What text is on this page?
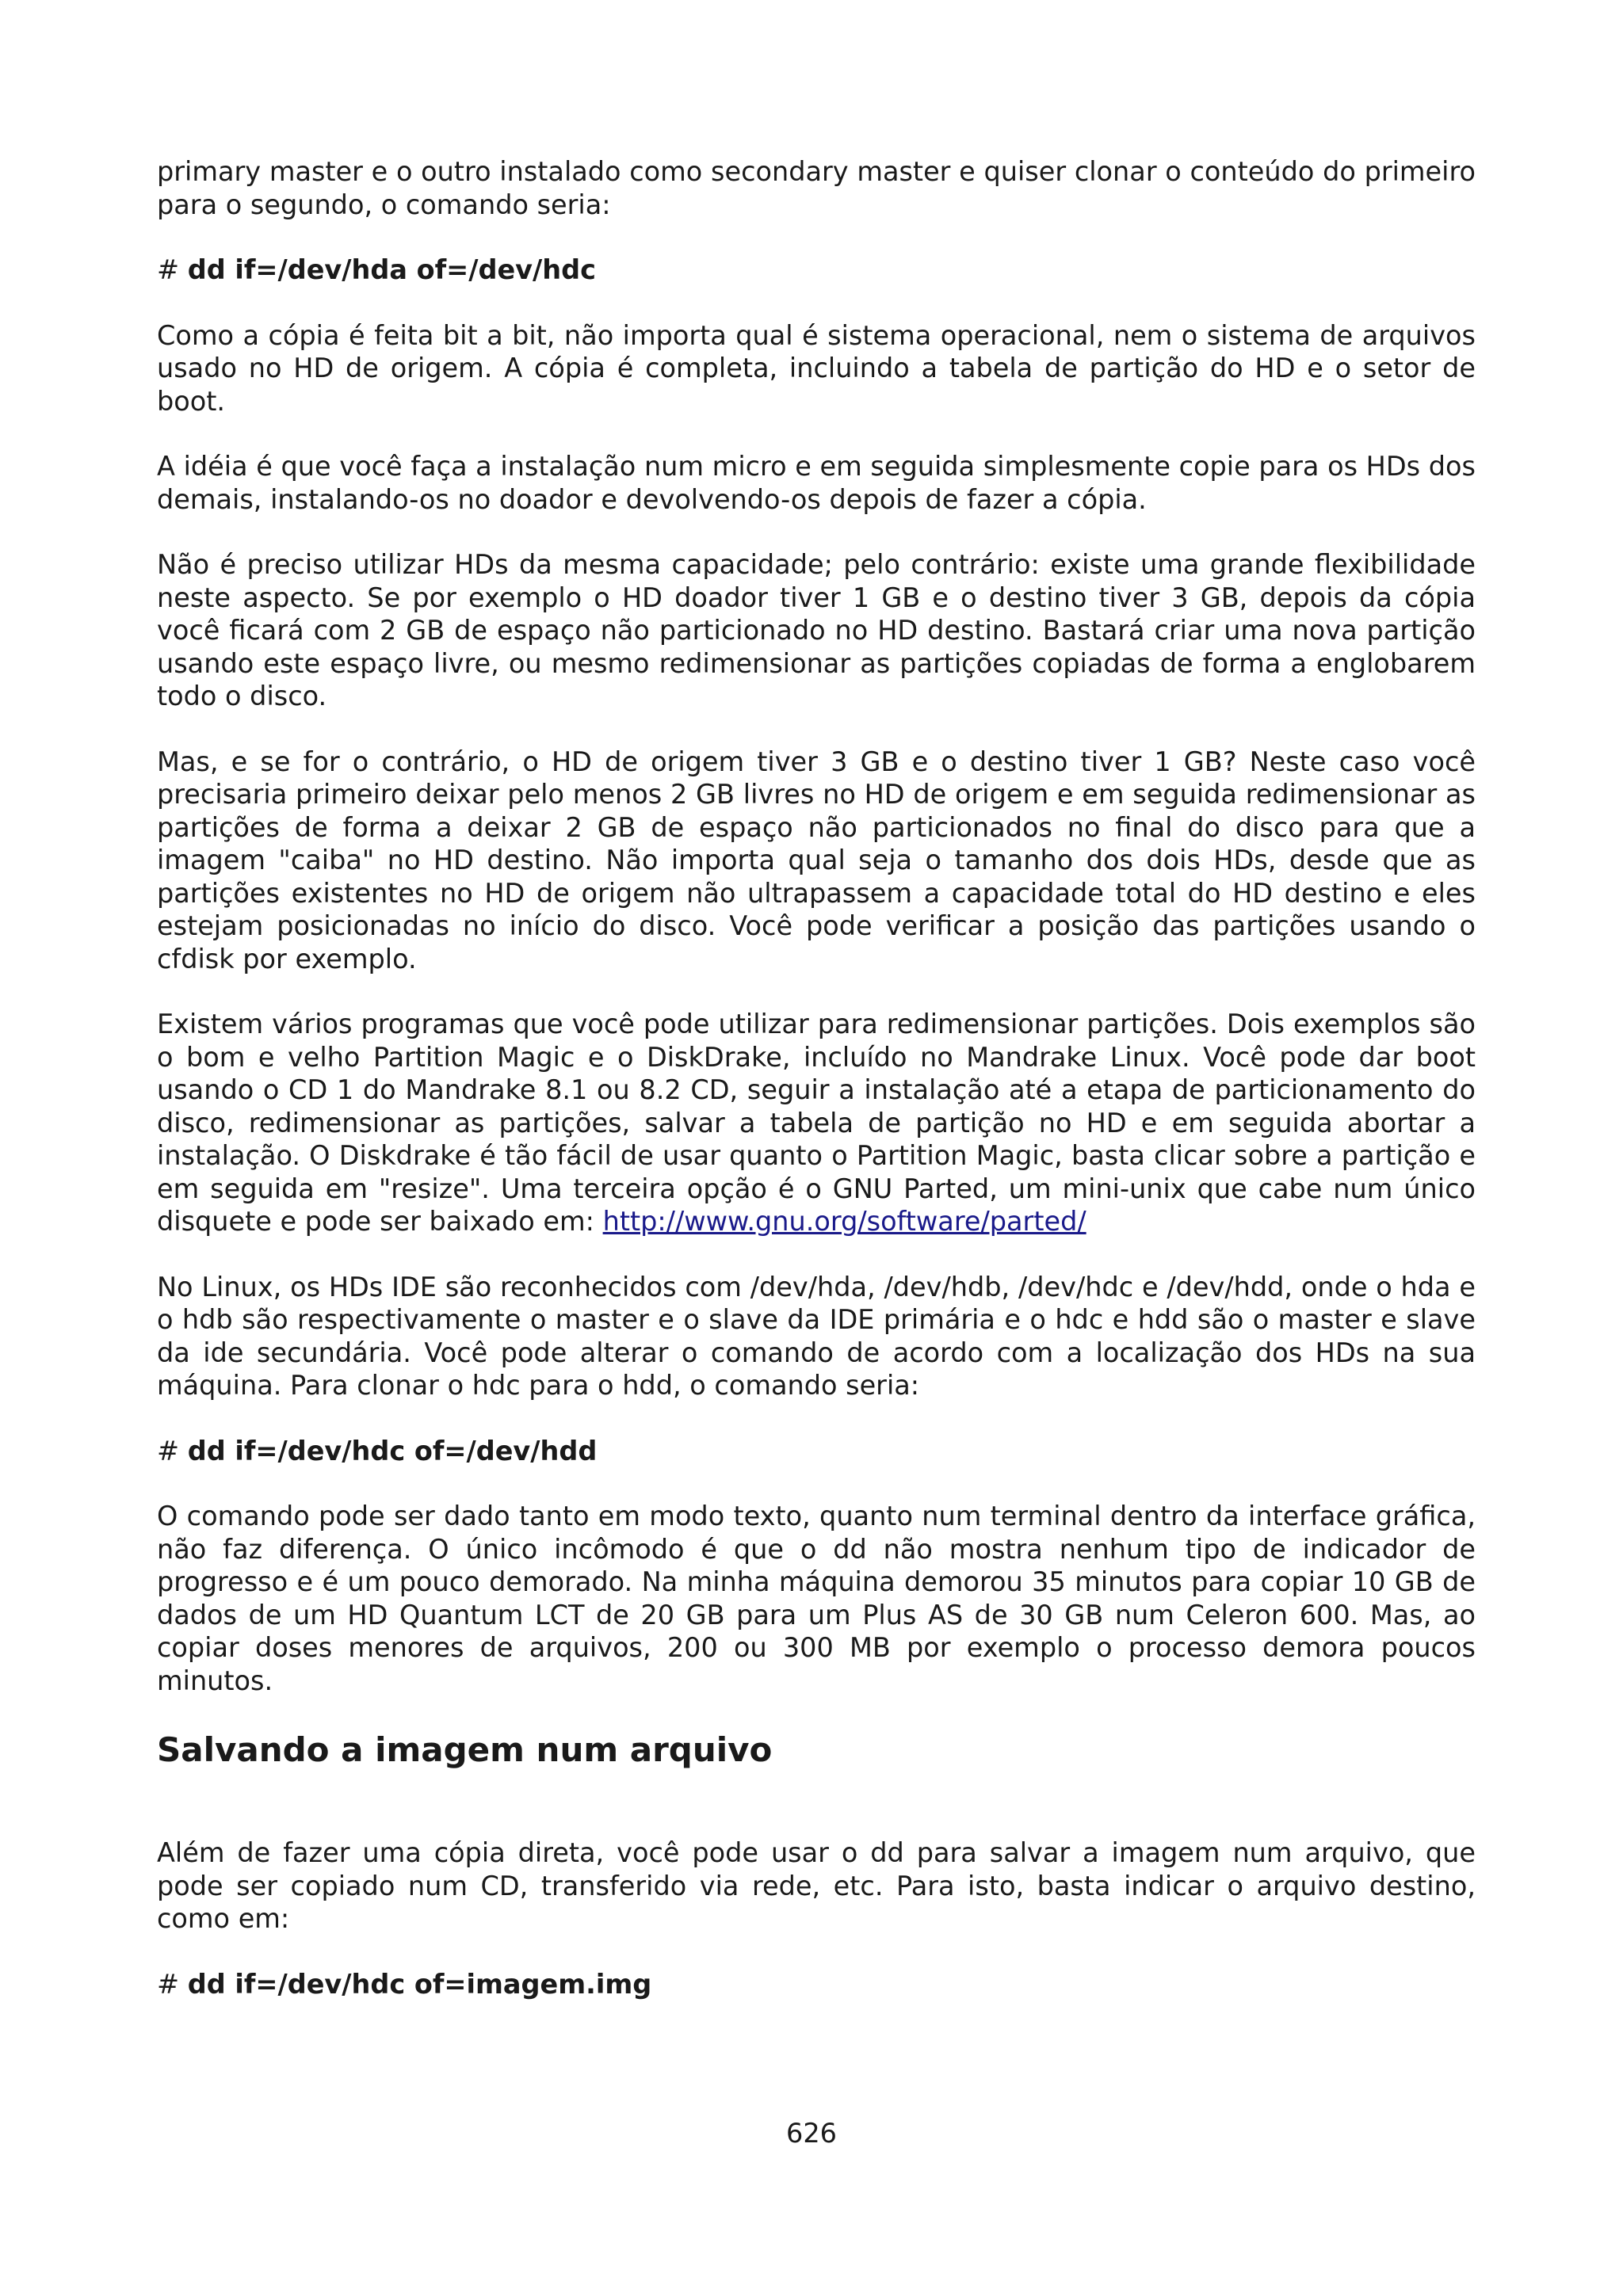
primary master e o outro instalado como secondary master e quiser clonar o conteúdo do primeiro para o segundo, o comando seria:

# dd if=/dev/hda of=/dev/hdc

Como a cópia é feita bit a bit, não importa qual é sistema operacional, nem o sistema de arquivos usado no HD de origem. A cópia é completa, incluindo a tabela de partição do HD e o setor de boot.

A idéia é que você faça a instalação num micro e em seguida simplesmente copie para os HDs dos demais, instalando-os no doador e devolvendo-os depois de fazer a cópia.

Não é preciso utilizar HDs da mesma capacidade; pelo contrário: existe uma grande flexibilidade neste aspecto. Se por exemplo o HD doador tiver 1 GB e o destino tiver 3 GB, depois da cópia você ficará com 2 GB de espaço não particionado no HD destino. Bastará criar uma nova partição usando este espaço livre, ou mesmo redimensionar as partições copiadas de forma a englobarem todo o disco.

Mas, e se for o contrário, o HD de origem tiver 3 GB e o destino tiver 1 GB? Neste caso você precisaria primeiro deixar pelo menos 2 GB livres no HD de origem e em seguida redimensionar as partições de forma a deixar 2 GB de espaço não particionados no final do disco para que a imagem "caiba" no HD destino. Não importa qual seja o tamanho dos dois HDs, desde que as partições existentes no HD de origem não ultrapassem a capacidade total do HD destino e eles estejam posicionadas no início do disco. Você pode verificar a posição das partições usando o cfdisk por exemplo.

Existem vários programas que você pode utilizar para redimensionar partições. Dois exemplos são o bom e velho Partition Magic e o DiskDrake, incluído no Mandrake Linux. Você pode dar boot usando o CD 1 do Mandrake 8.1 ou 8.2 CD, seguir a instalação até a etapa de particionamento do disco, redimensionar as partições, salvar a tabela de partição no HD e em seguida abortar a instalação. O Diskdrake é tão fácil de usar quanto o Partition Magic, basta clicar sobre a partição e em seguida em "resize". Uma terceira opção é o GNU Parted, um mini-unix que cabe num único disquete e pode ser baixado em: http://www.gnu.org/software/parted/

No Linux, os HDs IDE são reconhecidos com /dev/hda, /dev/hdb, /dev/hdc e /dev/hdd, onde o hda e o hdb são respectivamente o master e o slave da IDE primária e o hdc e hdd são o master e slave da ide secundária. Você pode alterar o comando de acordo com a localização dos HDs na sua máquina. Para clonar o hdc para o hdd, o comando seria:

# dd if=/dev/hdc of=/dev/hdd

O comando pode ser dado tanto em modo texto, quanto num terminal dentro da interface gráfica, não faz diferença. O único incômodo é que o dd não mostra nenhum tipo de indicador de progresso e é um pouco demorado. Na minha máquina demorou 35 minutos para copiar 10 GB de dados de um HD Quantum LCT de 20 GB para um Plus AS de 30 GB num Celeron 600. Mas, ao copiar doses menores de arquivos, 200 ou 300 MB por exemplo o processo demora poucos minutos.

Salvando a imagem num arquivo

Além de fazer uma cópia direta, você pode usar o dd para salvar a imagem num arquivo, que pode ser copiado num CD, transferido via rede, etc. Para isto, basta indicar o arquivo destino, como em:

# dd if=/dev/hdc of=imagem.img
626
